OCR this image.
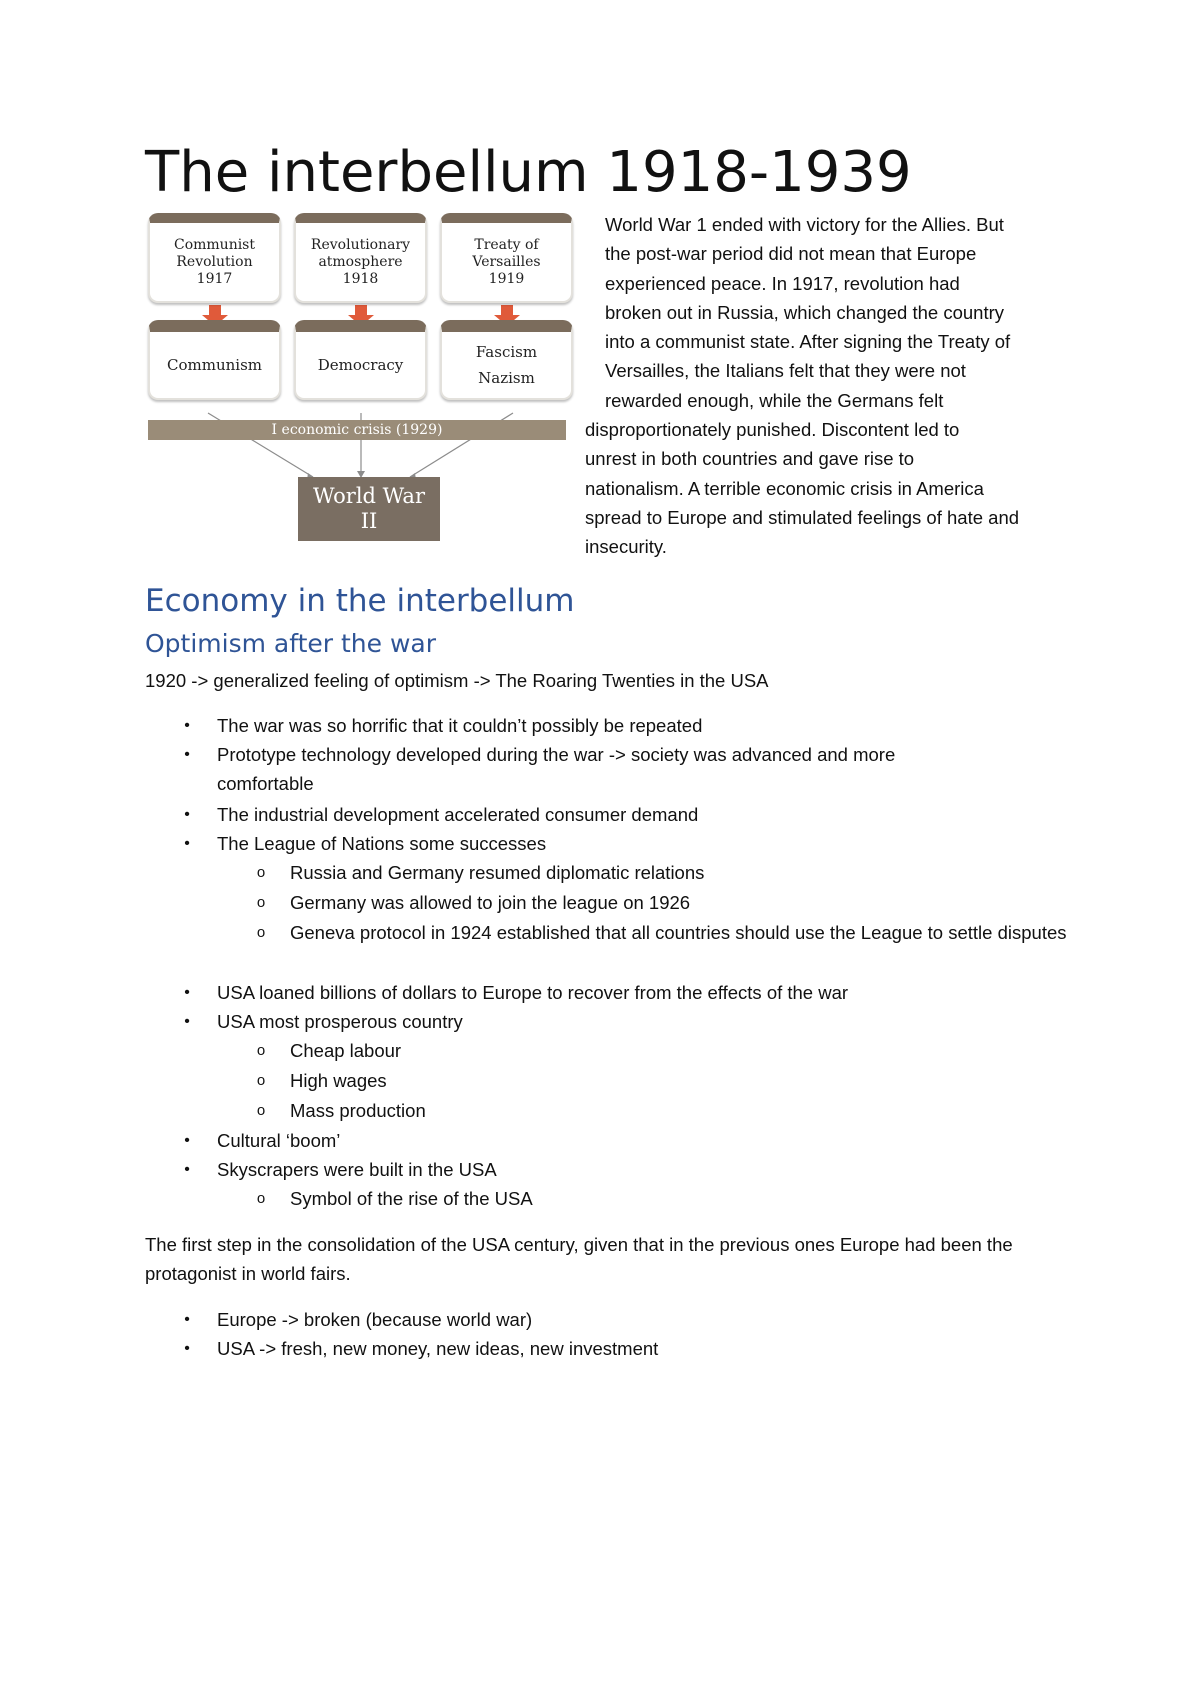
The interbellum 1918-1939
Communist
Revolution
1917
Revolutionary
atmosphere
1918
Treaty of
Versailles
1919
Communism	Democracy
Fascism
Nazism
I economic crisis (1929)
World War
II
World War 1 ended with victory for the Allies. But
the post-war period did not mean that Europe
experienced peace. In 1917, revolution had
broken out in Russia, which changed the country
into a communist state. After signing the Treaty of
Versailles, the Italians felt that they were not
rewarded enough, while the Germans felt
disproportionately punished. Discontent led to
unrest in both countries and gave rise to
nationalism. A terrible economic crisis in America
spread to Europe and stimulated feelings of hate and
insecurity.
Economy in the interbellum
Optimism after the war
1920 -> generalized feeling of optimism -> The Roaring Twenties in the USA
•	The war was so horrific that it couldn’t possibly be repeated
•	Prototype technology developed during the war -> society was advanced and more comfortable
•	The industrial development accelerated consumer demand
•	The League of Nations some successes
o	Russia and Germany resumed diplomatic relations
o	Germany was allowed to join the league on 1926
o	Geneva protocol in 1924 established that all countries should use the League to settle disputes
•	USA loaned billions of dollars to Europe to recover from the effects of the war
•	USA most prosperous country
o	Cheap labour
o	High wages
o	Mass production
•	Cultural ‘boom’
•	Skyscrapers were built in the USA
o	Symbol of the rise of the USA
The first step in the consolidation of the USA century, given that in the previous ones Europe had been the protagonist in world fairs.
•	Europe -> broken (because world war)
•	USA -> fresh, new money, new ideas, new investment
